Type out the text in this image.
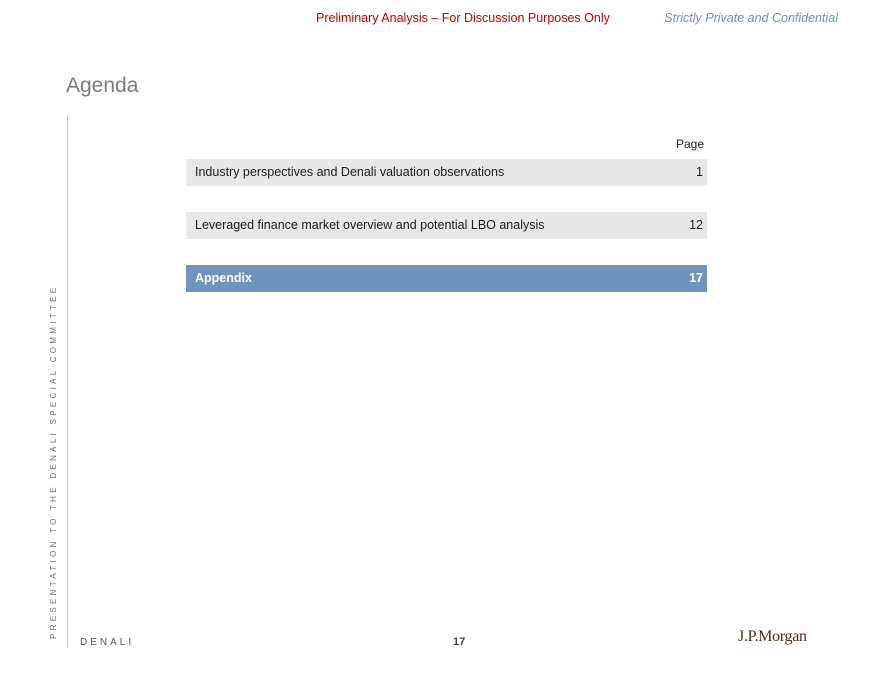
Preliminary Analysis – For Discussion Purposes Only	Strictly Private and Confidential
Agenda
PRESENTATION TO THE DENALI SPECIAL COMMITTEE
Page
Industry perspectives and Denali valuation observations	1
Leveraged finance market overview and potential LBO analysis	12
Appendix	17
DENALI	17	J.P.Morgan
